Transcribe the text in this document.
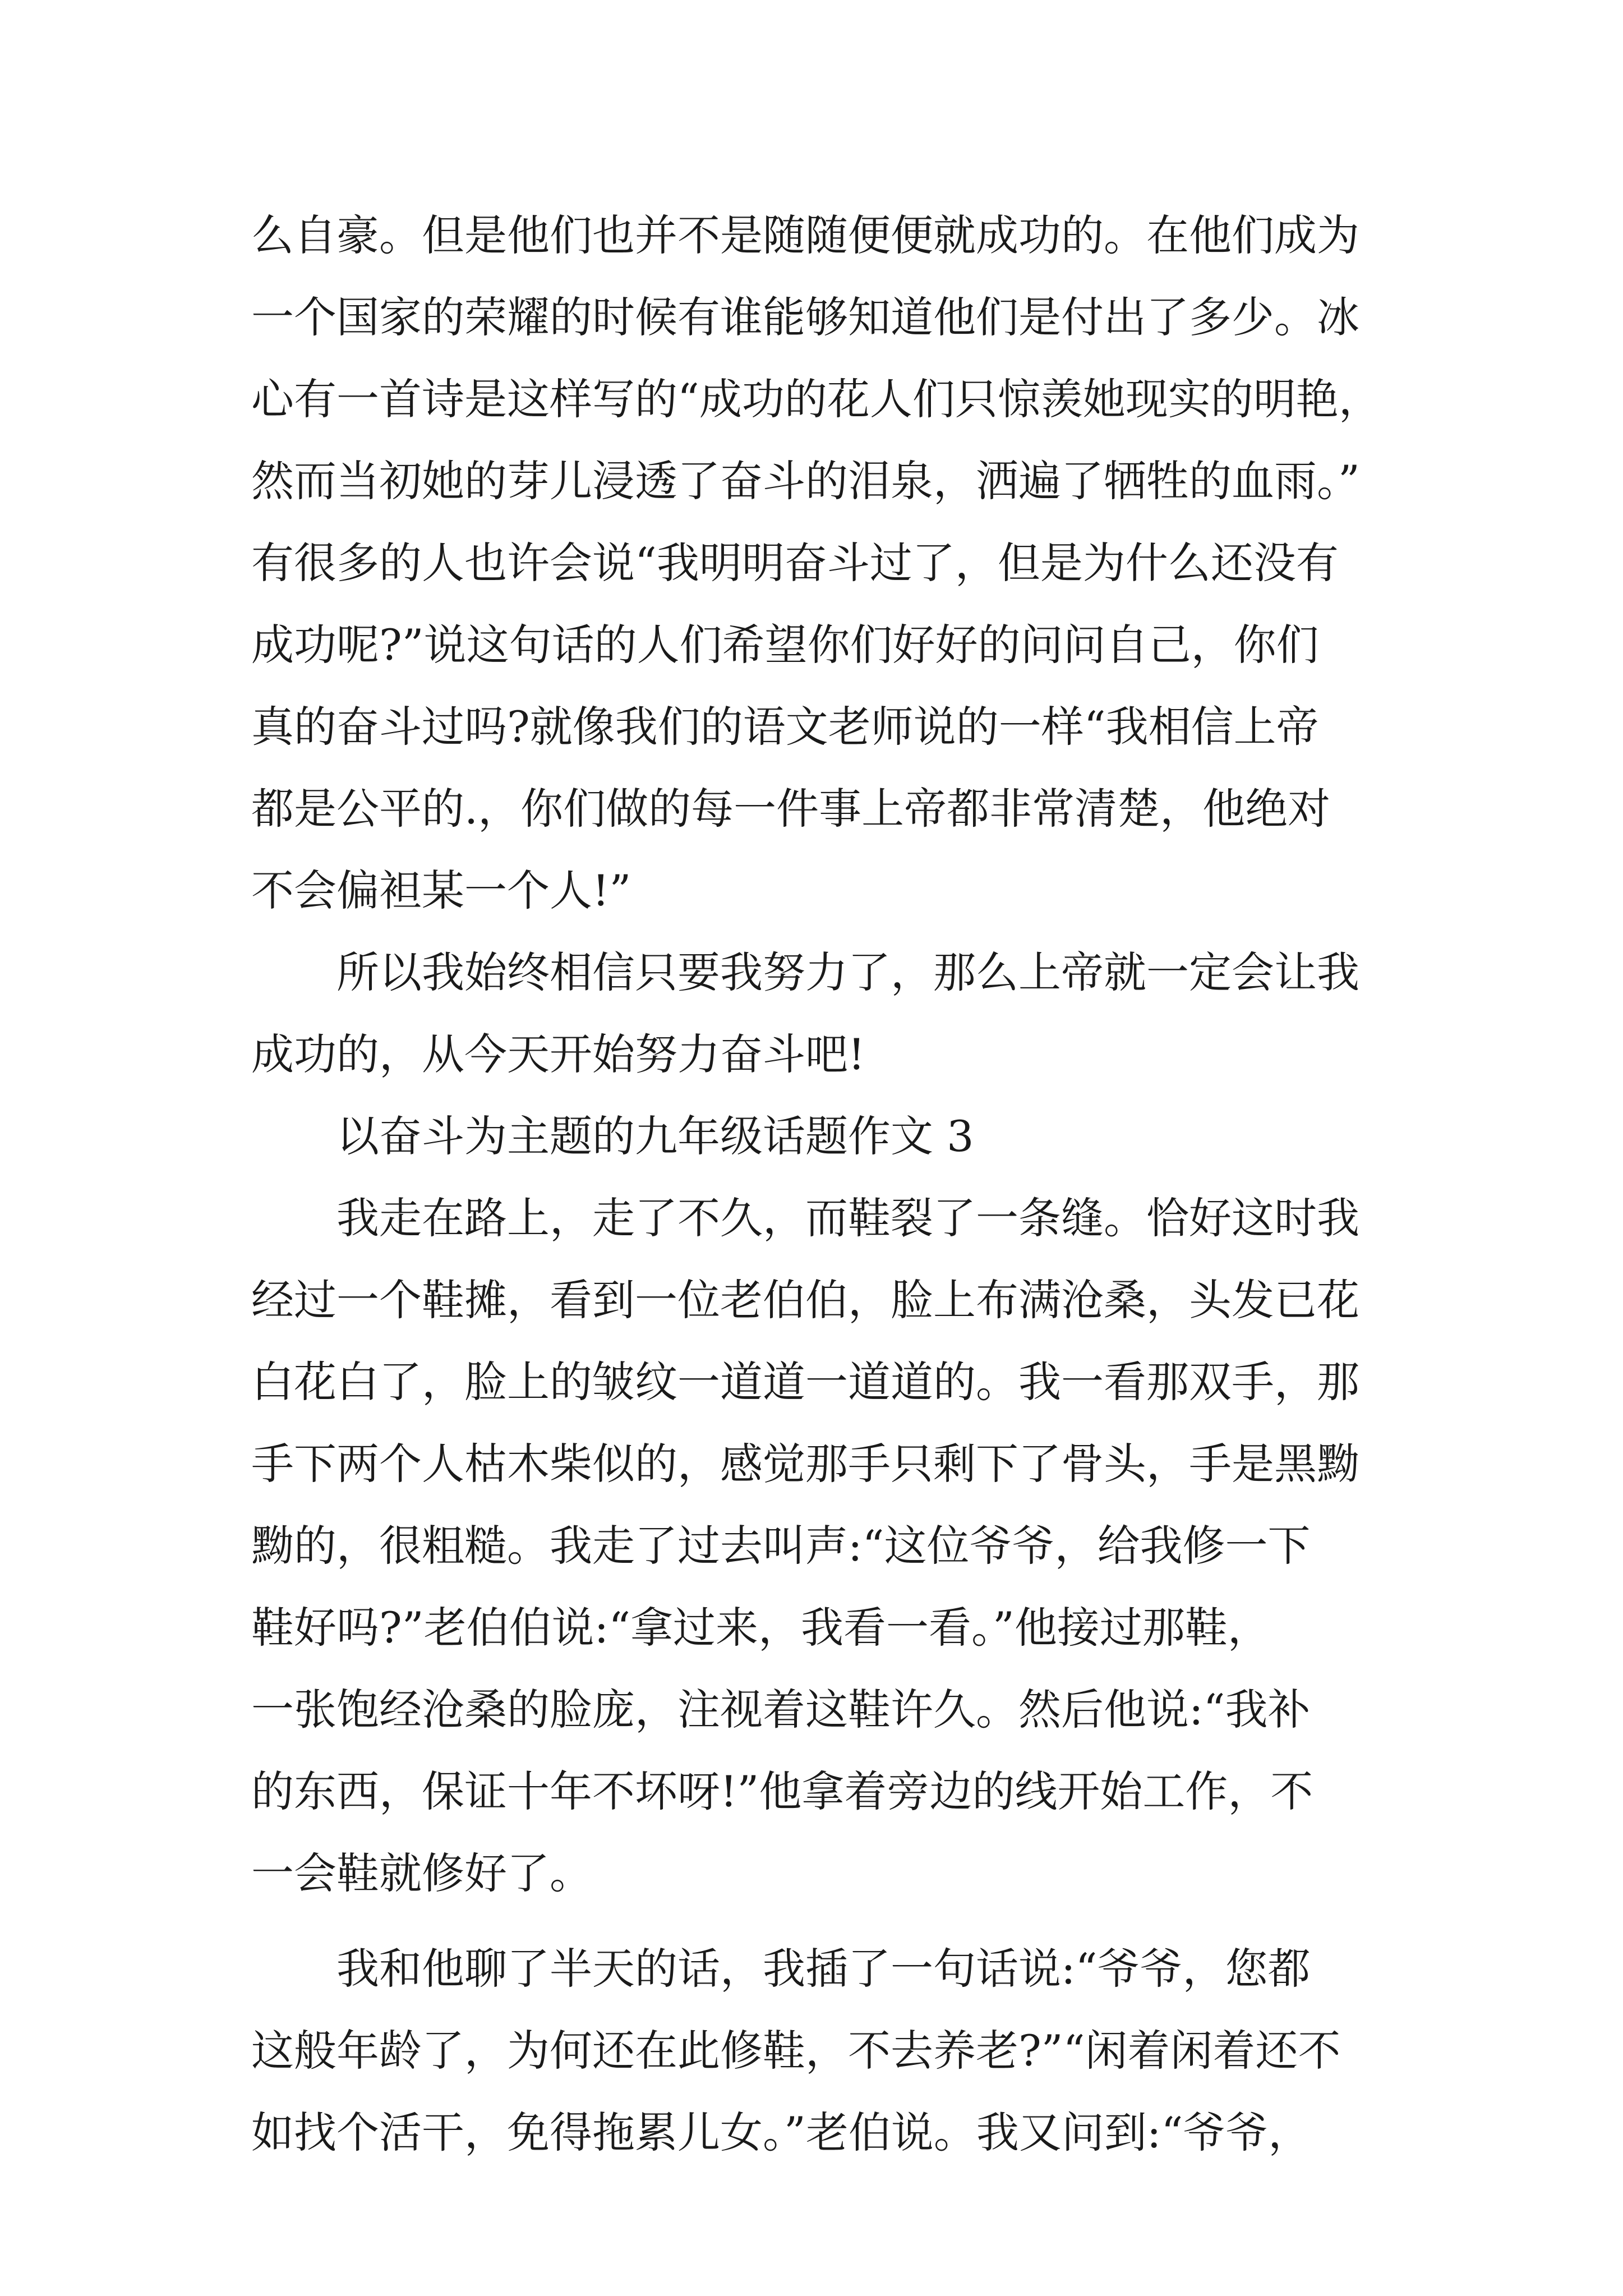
么自豪。但是他们也并不是随随便便就成功的。在他们成为
一个国家的荣耀的时候有谁能够知道他们是付出了多少。冰
心有一首诗是这样写的“成功的花人们只惊羡她现实的明艳，
然而当初她的芽儿浸透了奋斗的泪泉，洒遍了牺牲的血雨。”
有很多的人也许会说“我明明奋斗过了，但是为什么还没有
成功呢?”说这句话的人们希望你们好好的问问自己，你们
真的奋斗过吗?就像我们的语文老师说的一样“我相信上帝
都是公平的.，你们做的每一件事上帝都非常清楚，他绝对
不会偏袒某一个人!”
所以我始终相信只要我努力了，那么上帝就一定会让我
成功的，从今天开始努力奋斗吧!
以奋斗为主题的九年级话题作文 3
我走在路上，走了不久，而鞋裂了一条缝。恰好这时我
经过一个鞋摊，看到一位老伯伯，脸上布满沧桑，头发已花
白花白了，脸上的皱纹一道道一道道的。我一看那双手，那
手下两个人枯木柴似的，感觉那手只剩下了骨头，手是黑黝
黝的，很粗糙。我走了过去叫声:“这位爷爷，给我修一下
鞋好吗?”老伯伯说:“拿过来，我看一看。”他接过那鞋，
一张饱经沧桑的脸庞，注视着这鞋许久。然后他说:“我补
的东西，保证十年不坏呀!”他拿着旁边的线开始工作，不
一会鞋就修好了。
我和他聊了半天的话，我插了一句话说:“爷爷，您都
这般年龄了，为何还在此修鞋，不去养老?”“闲着闲着还不
如找个活干，免得拖累儿女。”老伯说。我又问到:“爷爷，
